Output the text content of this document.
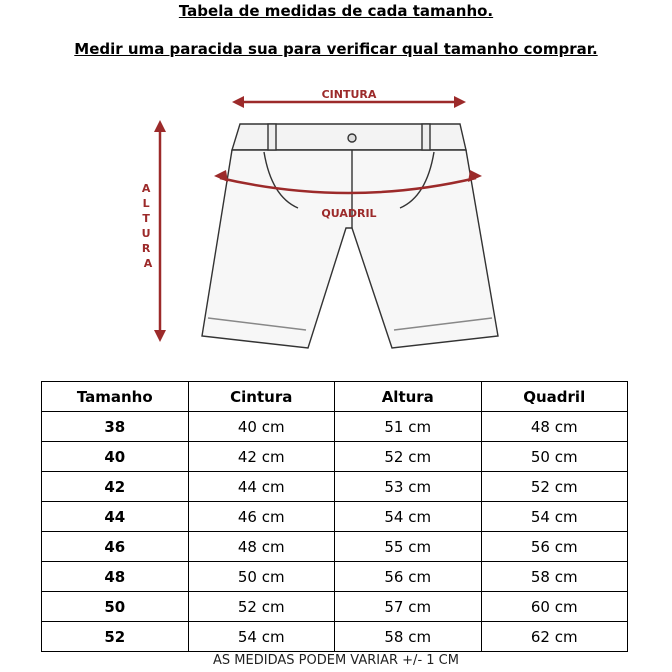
Tabela de medidas de cada tamanho.
Medir uma paracida sua para verificar qual tamanho comprar.
CINTURA
A L T U R A
QUADRIL
Tamanho	Cintura	Altura	Quadril
38	40 cm	51 cm	48 cm
40	42 cm	52 cm	50 cm
42	44 cm	53 cm	52 cm
44	46 cm	54 cm	54 cm
46	48 cm	55 cm	56 cm
48	50 cm	56 cm	58 cm
50	52 cm	57 cm	60 cm
52	54 cm	58 cm	62 cm
AS MEDIDAS PODEM VARIAR +/- 1 CM
